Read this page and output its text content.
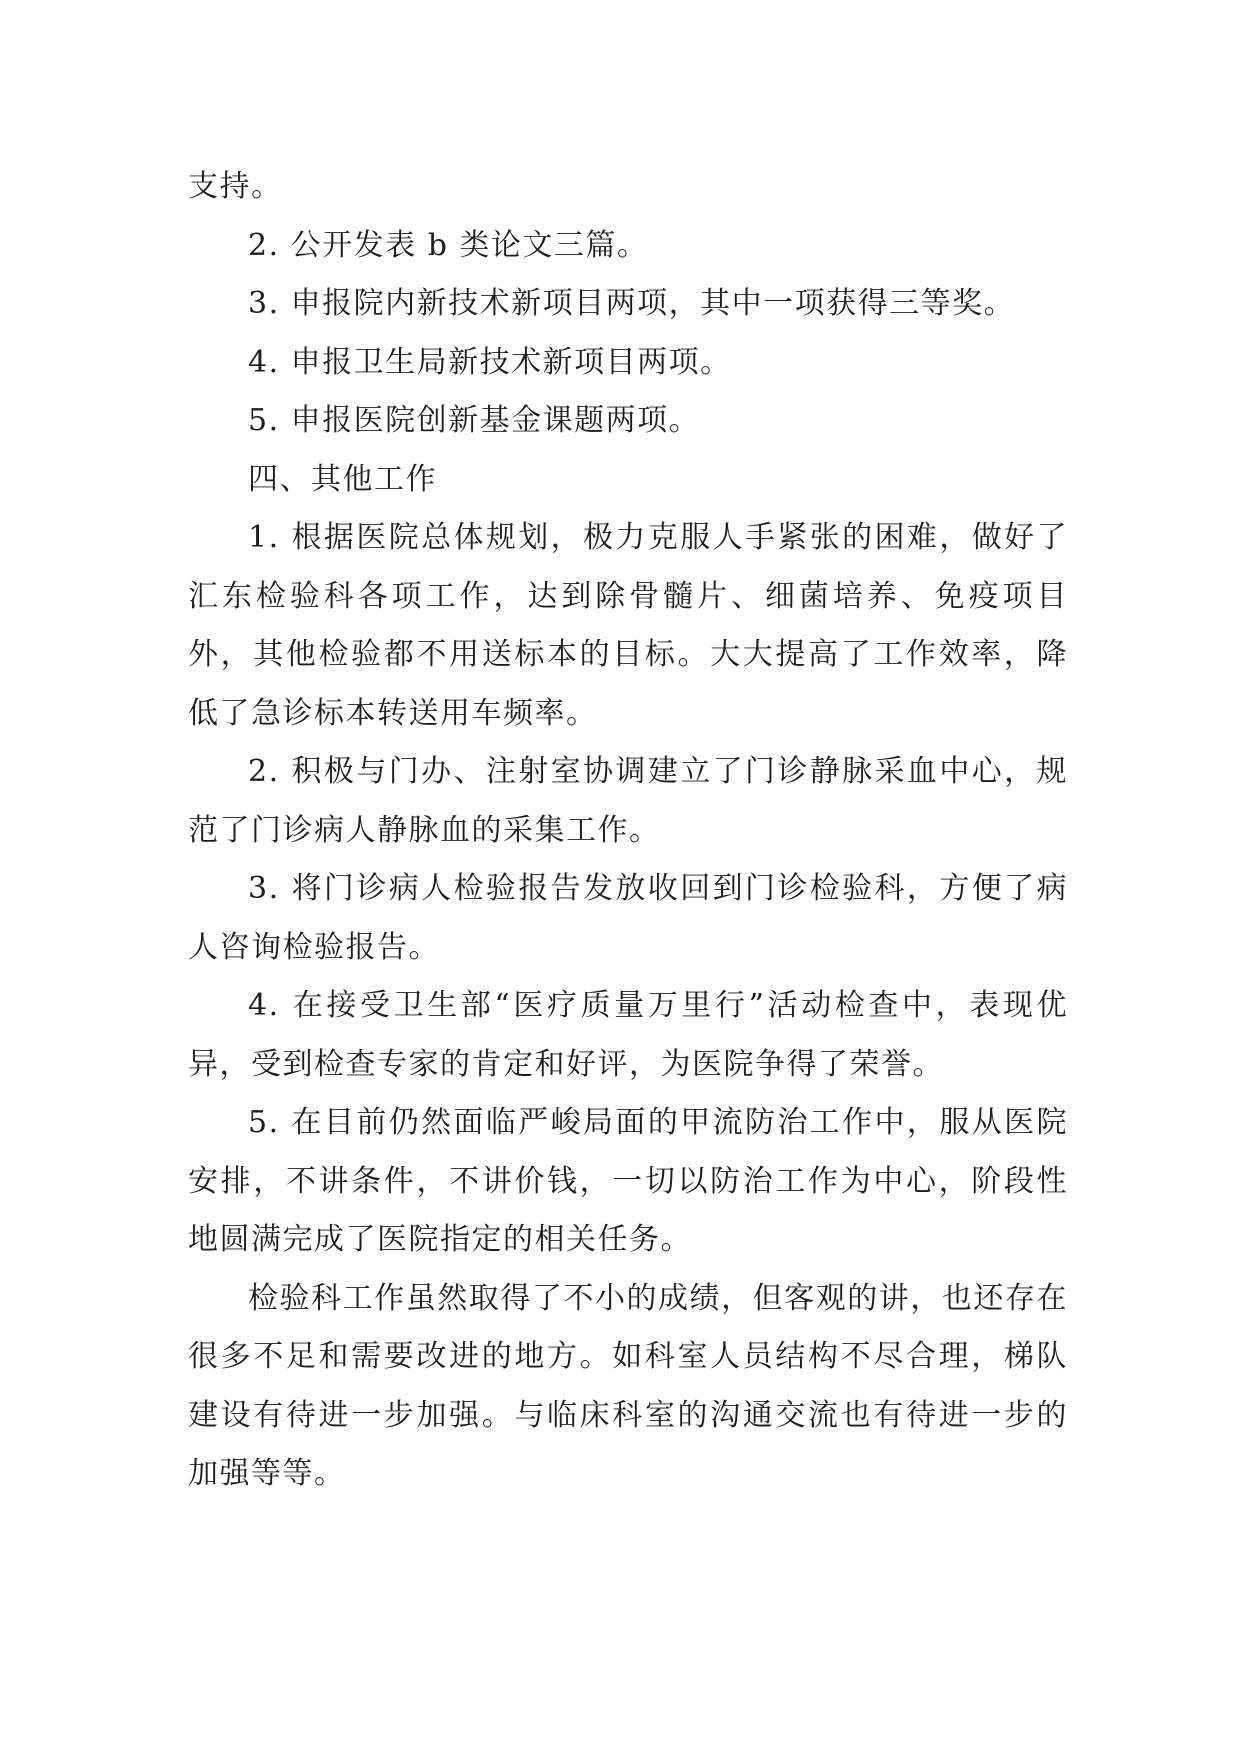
支持。

2. 公开发表 b 类论文三篇。

3. 申报院内新技术新项目两项，其中一项获得三等奖。

4. 申报卫生局新技术新项目两项。

5. 申报医院创新基金课题两项。

四、其他工作

1. 根据医院总体规划，极力克服人手紧张的困难，做好了汇东检验科各项工作，达到除骨髓片、细菌培养、免疫项目外，其他检验都不用送标本的目标。大大提高了工作效率，降低了急诊标本转送用车频率。

2. 积极与门办、注射室协调建立了门诊静脉采血中心，规范了门诊病人静脉血的采集工作。

3. 将门诊病人检验报告发放收回到门诊检验科，方便了病人咨询检验报告。

4. 在接受卫生部“医疗质量万里行”活动检查中，表现优异，受到检查专家的肯定和好评，为医院争得了荣誉。

5. 在目前仍然面临严峻局面的甲流防治工作中，服从医院安排，不讲条件，不讲价钱，一切以防治工作为中心，阶段性地圆满完成了医院指定的相关任务。

检验科工作虽然取得了不小的成绩，但客观的讲，也还存在很多不足和需要改进的地方。如科室人员结构不尽合理，梯队建设有待进一步加强。与临床科室的沟通交流也有待进一步的加强等等。
